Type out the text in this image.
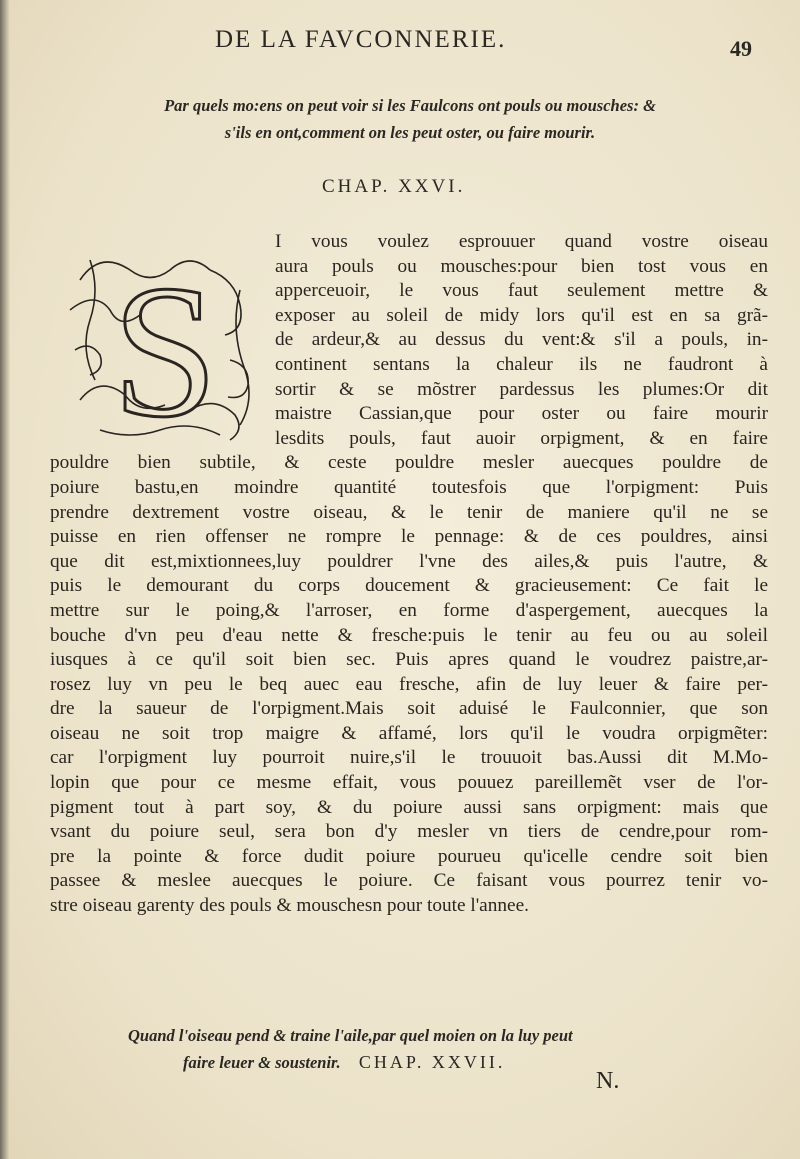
DE LA FAVCONNERIE.	49
Par quels mo:ens on peut voir si les Faulcons ont pouls ou mousches: &
s'ils en ont,comment on les peut oster, ou faire mourir.
CHAP. XXVI.
S
I vous voulez esprouuer quand vostre oiseau
aura pouls ou mousches:pour bien tost vous en
apperceuoir, le vous faut seulement mettre &
exposer au soleil de midy lors qu'il est en sa grã-
de ardeur,& au dessus du vent:& s'il a pouls, in-
continent sentans la chaleur ils ne faudront à
sortir & se mõstrer pardessus les plumes:Or dit
maistre Cassian,que pour oster ou faire mourir
lesdits pouls, faut auoir orpigment, & en faire
pouldre bien subtile, & ceste pouldre mesler auecques pouldre de
poiure bastu,en moindre quantité toutesfois que l'orpigment: Puis
prendre dextrement vostre oiseau, & le tenir de maniere qu'il ne se
puisse en rien offenser ne rompre le pennage: & de ces pouldres, ainsi
que dit est,mixtionnees,luy pouldrer l'vne des ailes,& puis l'autre, &
puis le demourant du corps doucement & gracieusement: Ce fait le
mettre sur le poing,& l'arroser, en forme d'aspergement, auecques la
bouche d'vn peu d'eau nette & fresche:puis le tenir au feu ou au soleil
iusques à ce qu'il soit bien sec. Puis apres quand le voudrez paistre,ar-
rosez luy vn peu le beq auec eau fresche, afin de luy leuer & faire per-
dre la saueur de l'orpigment.Mais soit aduisé le Faulconnier, que son
oiseau ne soit trop maigre & affamé, lors qu'il le voudra orpigmẽter:
car l'orpigment luy pourroit nuire,s'il le trouuoit bas.Aussi dit M.Mo-
lopin que pour ce mesme effait, vous pouuez pareillemẽt vser de l'or-
pigment tout à part soy, & du poiure aussi sans orpigment: mais que
vsant du poiure seul, sera bon d'y mesler vn tiers de cendre,pour rom-
pre la pointe & force dudit poiure pourueu qu'icelle cendre soit bien
passee & meslee auecques le poiure. Ce faisant vous pourrez tenir vo-
stre oiseau garenty des pouls & mouschesn pour toute l'annee.
Quand l'oiseau pend & traine l'aile,par quel moien on la luy peut
faire leuer & soustenir. CHAP. XXVII.
N.
